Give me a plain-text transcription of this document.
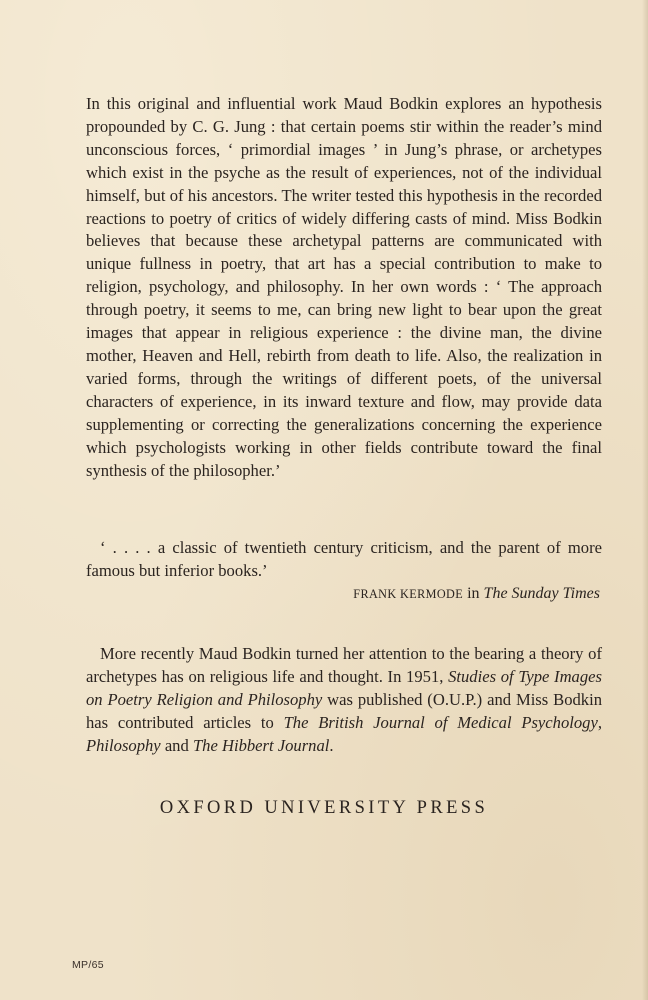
In this original and influential work Maud Bodkin explores an hypothesis propounded by C. G. Jung : that certain poems stir within the reader’s mind unconscious forces, ‘ primordial images ’ in Jung’s phrase, or archetypes which exist in the psyche as the result of experiences, not of the individual himself, but of his ancestors. The writer tested this hypothesis in the recorded reactions to poetry of critics of widely differing casts of mind. Miss Bodkin believes that because these archetypal patterns are communicated with unique fullness in poetry, that art has a special contribution to make to religion, psychology, and philosophy. In her own words : ‘ The approach through poetry, it seems to me, can bring new light to bear upon the great images that appear in religious experience : the divine man, the divine mother, Heaven and Hell, rebirth from death to life. Also, the realization in varied forms, through the writings of different poets, of the universal characters of experience, in its inward texture and flow, may provide data supplementing or correcting the generalizations concerning the experience which psychologists working in other fields contribute toward the final synthesis of the philosopher.’

‘ . . . . a classic of twentieth century criticism, and the parent of more famous but inferior books.’

FRANK KERMODE in The Sunday Times

More recently Maud Bodkin turned her attention to the bearing a theory of archetypes has on religious life and thought. In 1951, Studies of Type Images on Poetry Religion and Philosophy was published (O.U.P.) and Miss Bodkin has contributed articles to The British Journal of Medical Psychology, Philosophy and The Hibbert Journal.

OXFORD UNIVERSITY PRESS

MP/65
